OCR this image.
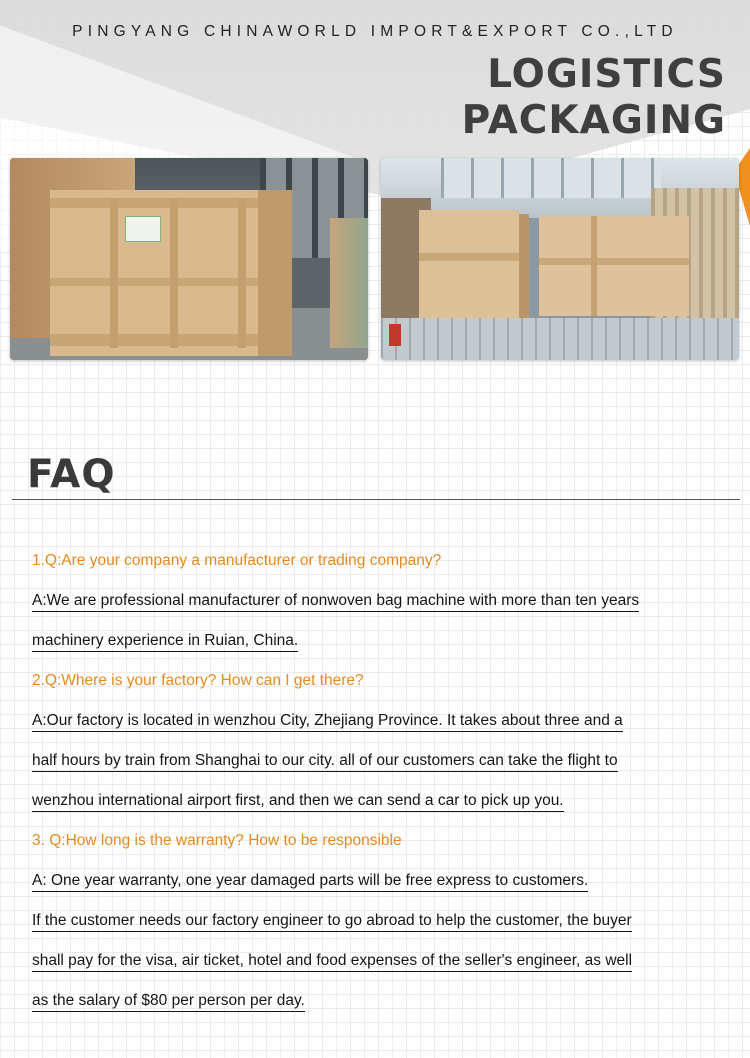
PINGYANG CHINAWORLD IMPORT&EXPORT CO.,LTD
LOGISTICS
PACKAGING
FAQ
1.Q:Are your company a manufacturer or trading company?
A:We are professional manufacturer of nonwoven bag machine with more than ten years
machinery experience in Ruian, China.
2.Q:Where is your factory? How can I get there?
A:Our factory is located in wenzhou City, Zhejiang Province. It takes about three and a
half hours by train from Shanghai to our city. all of our customers can take the flight to
wenzhou international airport first, and then we can send a car to pick up you.
3. Q:How long is the warranty? How to be responsible
A: One year warranty, one year damaged parts will be free express to customers.
If the customer needs our factory engineer to go abroad to help the customer, the buyer
shall pay for the visa, air ticket, hotel and food expenses of the seller's engineer, as well
as the salary of $80 per person per day.
